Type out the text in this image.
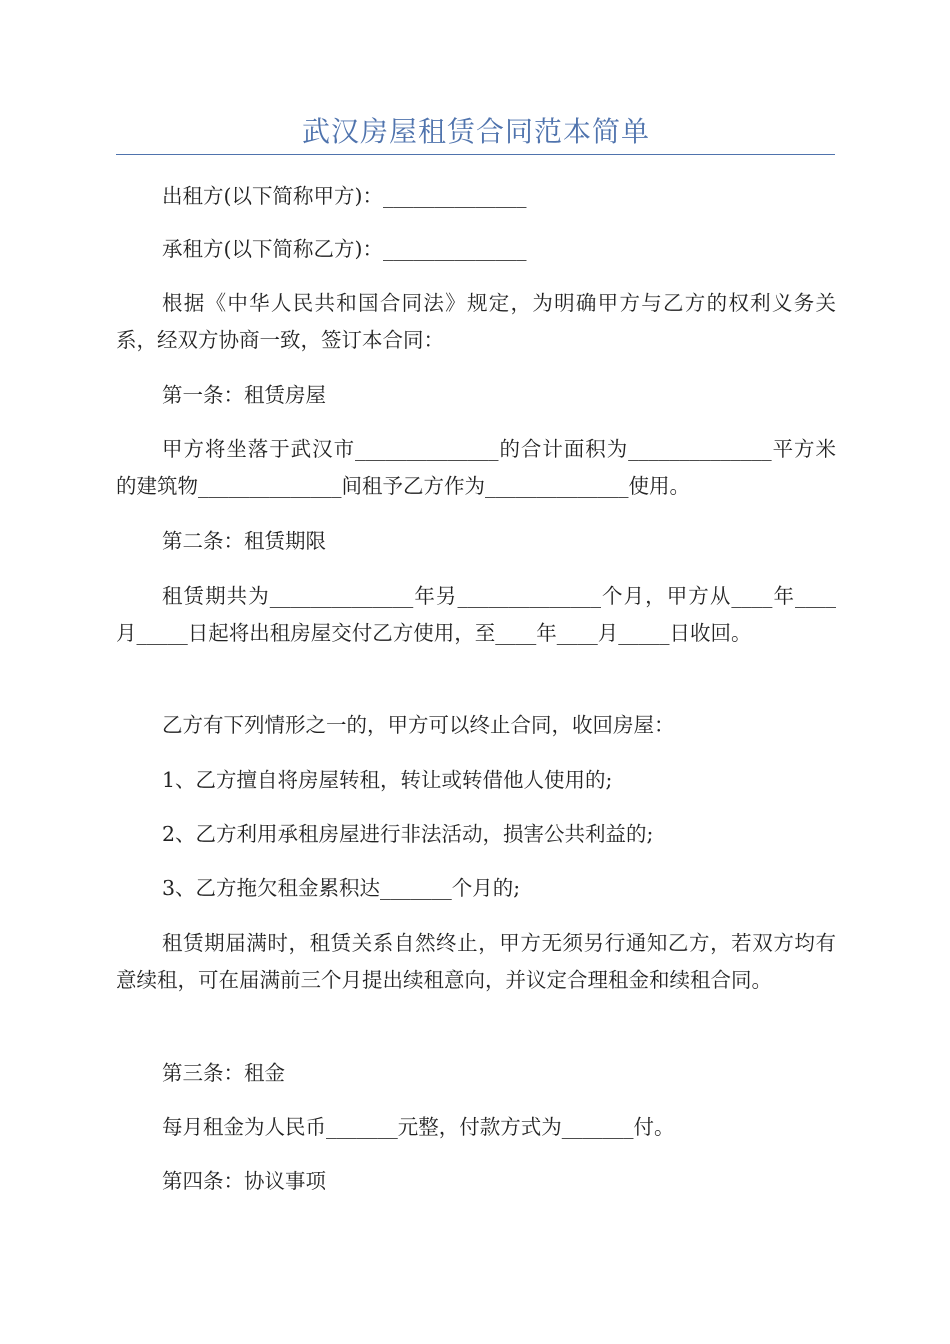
武汉房屋租赁合同范本简单

出租方(以下简称甲方)：______________

承租方(以下简称乙方)：______________

根据《中华人民共和国合同法》规定，为明确甲方与乙方的权利义务关系，经双方协商一致，签订本合同：

第一条：租赁房屋

甲方将坐落于武汉市______________的合计面积为______________平方米的建筑物______________间租予乙方作为______________使用。

第二条：租赁期限

租赁期共为______________年另______________个月，甲方从____年____月_____日起将出租房屋交付乙方使用，至____年____月_____日收回。

乙方有下列情形之一的，甲方可以终止合同，收回房屋：

1、乙方擅自将房屋转租，转让或转借他人使用的;

2、乙方利用承租房屋进行非法活动，损害公共利益的;

3、乙方拖欠租金累积达_______个月的;

租赁期届满时，租赁关系自然终止，甲方无须另行通知乙方，若双方均有意续租，可在届满前三个月提出续租意向，并议定合理租金和续租合同。

第三条：租金

每月租金为人民币_______元整，付款方式为_______付。

第四条：协议事项
